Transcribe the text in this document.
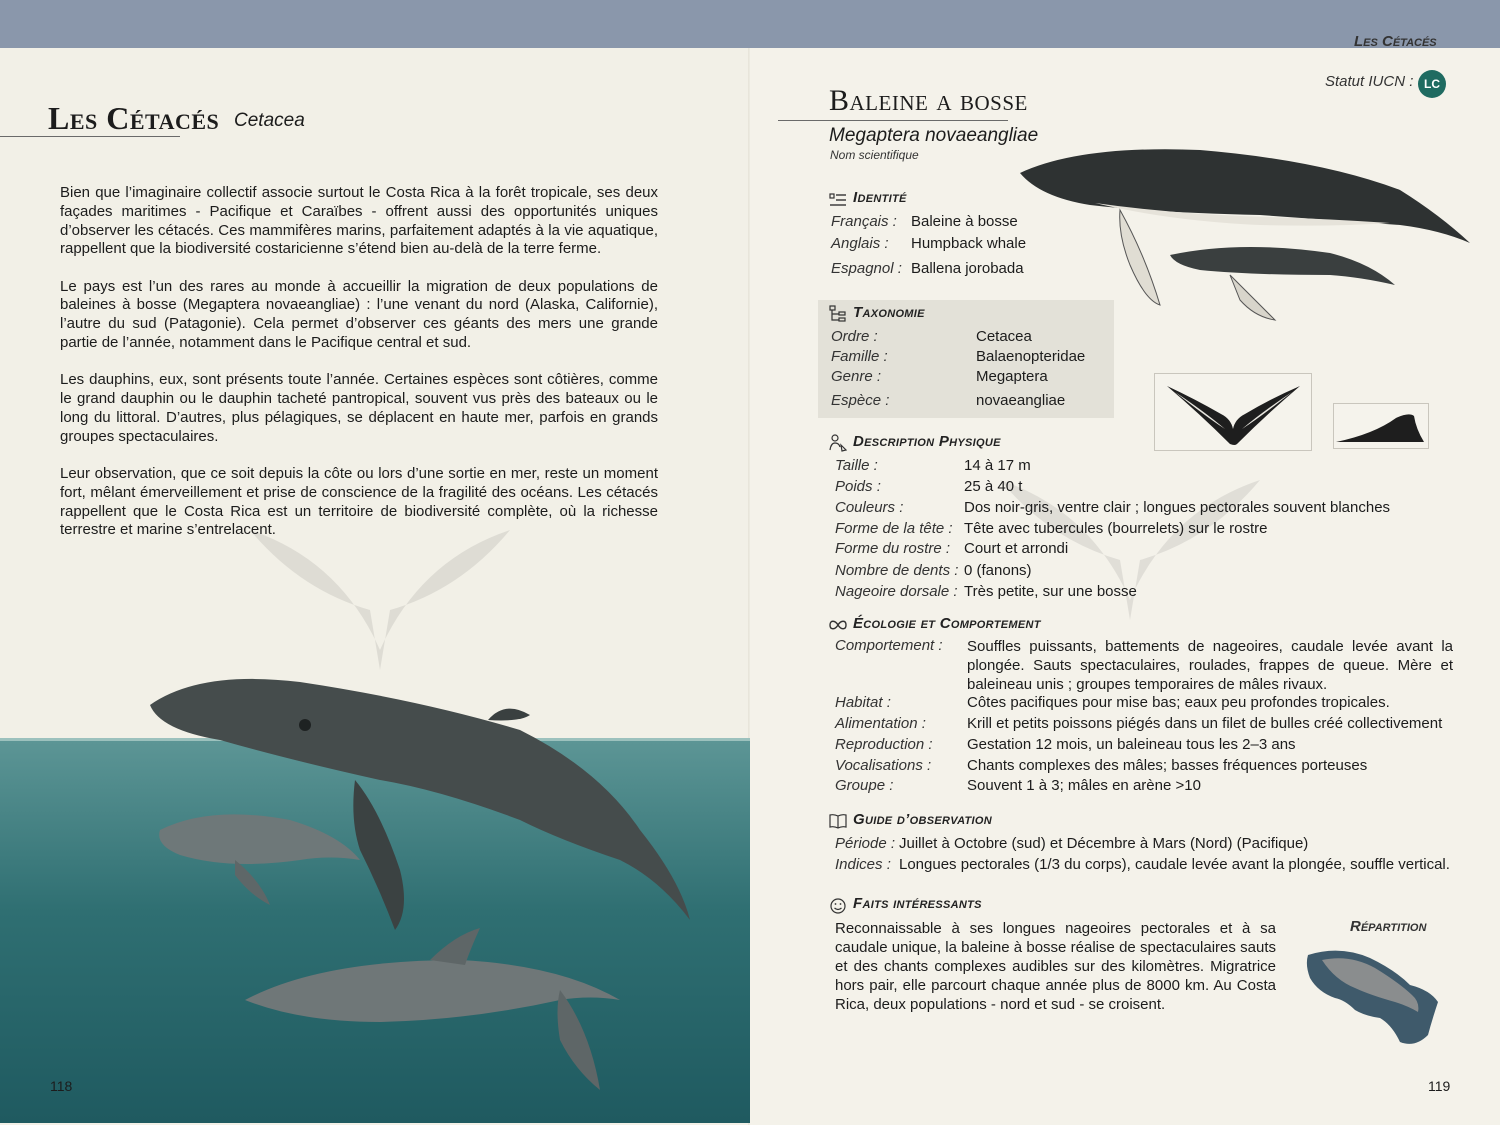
Les Cétacés Cetacea

Bien que l’imaginaire collectif associe surtout le Costa Rica à la forêt tropicale, ses deux façades maritimes - Pacifique et Caraïbes - offrent aussi des opportunités uniques d’observer les cétacés. Ces mammifères marins, parfaitement adaptés à la vie aquatique, rappellent que la biodiversité costaricienne s’étend bien au-delà de la terre ferme.

Le pays est l’un des rares au monde à accueillir la migration de deux populations de baleines à bosse (Megaptera novaeangliae) : l’une venant du nord (Alaska, Californie), l’autre du sud (Patagonie). Cela permet d’observer ces géants des mers une grande partie de l’année, notamment dans le Pacifique central et sud.

Les dauphins, eux, sont présents toute l’année. Certaines espèces sont côtières, comme le grand dauphin ou le dauphin tacheté pantropical, souvent vus près des bateaux ou le long du littoral. D’autres, plus pélagiques, se déplacent en haute mer, parfois en grands groupes spectaculaires.

Leur observation, que ce soit depuis la côte ou lors d’une sortie en mer, reste un moment fort, mêlant émerveillement et prise de conscience de la fragilité des océans. Les cétacés rappellent que le Costa Rica est un territoire de biodiversité complète, où la richesse terrestre et marine s’entrelacent.

118
Les Cétacés
Statut IUCN : LC
Baleine a bosse
Megaptera novaeangliae
Nom scientifique
Identité
Français : Baleine à bosse
Anglais : Humpback whale
Espagnol : Ballena jorobada
Taxonomie
Ordre :	Cetacea
Famille :	Balaenopteridae
Genre :	Megaptera
Espèce :	novaeangliae
Description Physique
Taille :	14 à 17 m
Poids :	25 à 40 t
Couleurs :	Dos noir-gris, ventre clair ; longues pectorales souvent blanches
Forme de la tête : Tête avec tubercules (bourrelets) sur le rostre
Forme du rostre : Court et arrondi
Nombre de dents : 0 (fanons)
Nageoire dorsale : Très petite, sur une bosse
Écologie et Comportement
Comportement : Souffles puissants, battements de nageoires, caudale levée avant la plongée. Sauts spectaculaires, roulades, frappes de queue. Mère et baleineau unis ; groupes temporaires de mâles rivaux.
Habitat :	Côtes pacifiques pour mise bas; eaux peu profondes tropicales.
Alimentation :	Krill et petits poissons piégés dans un filet de bulles créé collectivement
Reproduction : Gestation 12 mois, un baleineau tous les 2–3 ans
Vocalisations : Chants complexes des mâles; basses fréquences porteuses
Groupe :	Souvent 1 à 3; mâles en arène >10
Guide d’observation
Période : Juillet à Octobre (sud) et Décembre à Mars (Nord) (Pacifique)
Indices : Longues pectorales (1/3 du corps), caudale levée avant la plongée, souffle vertical.
Faits intéressants
Reconnaissable à ses longues nageoires pectorales et à sa caudale unique, la baleine à bosse réalise de spectaculaires sauts et des chants complexes audibles sur des kilomètres. Migratrice hors pair, elle parcourt chaque année plus de 8000 km. Au Costa Rica, deux populations - nord et sud - se croisent.
Répartition
119
